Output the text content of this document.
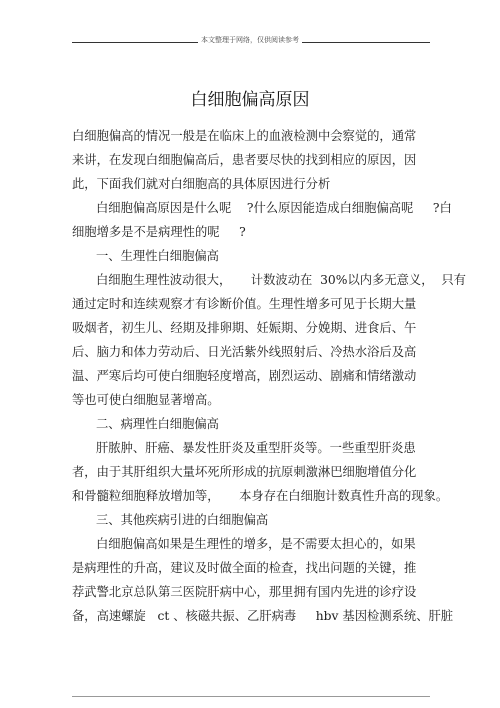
本文整理于网络，仅供阅读参考
白细胞偏高原因
白细胞偏高的情况一般是在临床上的血液检测中会察觉的，通常
来讲，在发现白细胞偏高后，患者要尽快的找到相应的原因，因
此，下面我们就对白细胞高的具体原因进行分析
白细胞偏高原因是什么呢    ?什么原因能造成白细胞偏高呢     ?白
细胞增多是不是病理性的呢     ?
一、生理性白细胞偏高
白细胞生理性波动很大，     计数波动在  30%以内多无意义，  只有
通过定时和连续观察才有诊断价值。生理性增多可见于长期大量
吸烟者，初生儿、经期及排卵期、妊娠期、分娩期、进食后、午
后、脑力和体力劳动后、日光活紫外线照射后、冷热水浴后及高
温、严寒后均可使白细胞轻度增高，剧烈运动、剧痛和情绪激动
等也可使白细胞显著增高。
二、病理性白细胞偏高
肝脓肿、肝癌、暴发性肝炎及重型肝炎等。一些重型肝炎患
者，由于其肝组织大量坏死所形成的抗原刺激淋巴细胞增值分化
和骨髓粒细胞释放增加等，     本身存在白细胞计数真性升高的现象。
三、其他疾病引进的白细胞偏高
白细胞偏高如果是生理性的增多，是不需要太担心的，如果
是病理性的升高，建议及时做全面的检查，找出问题的关键，推
荐武警北京总队第三医院肝病中心，那里拥有国内先进的诊疗设
备，高速螺旋   ct 、核磁共振、乙肝病毒     hbv 基因检测系统、肝脏
